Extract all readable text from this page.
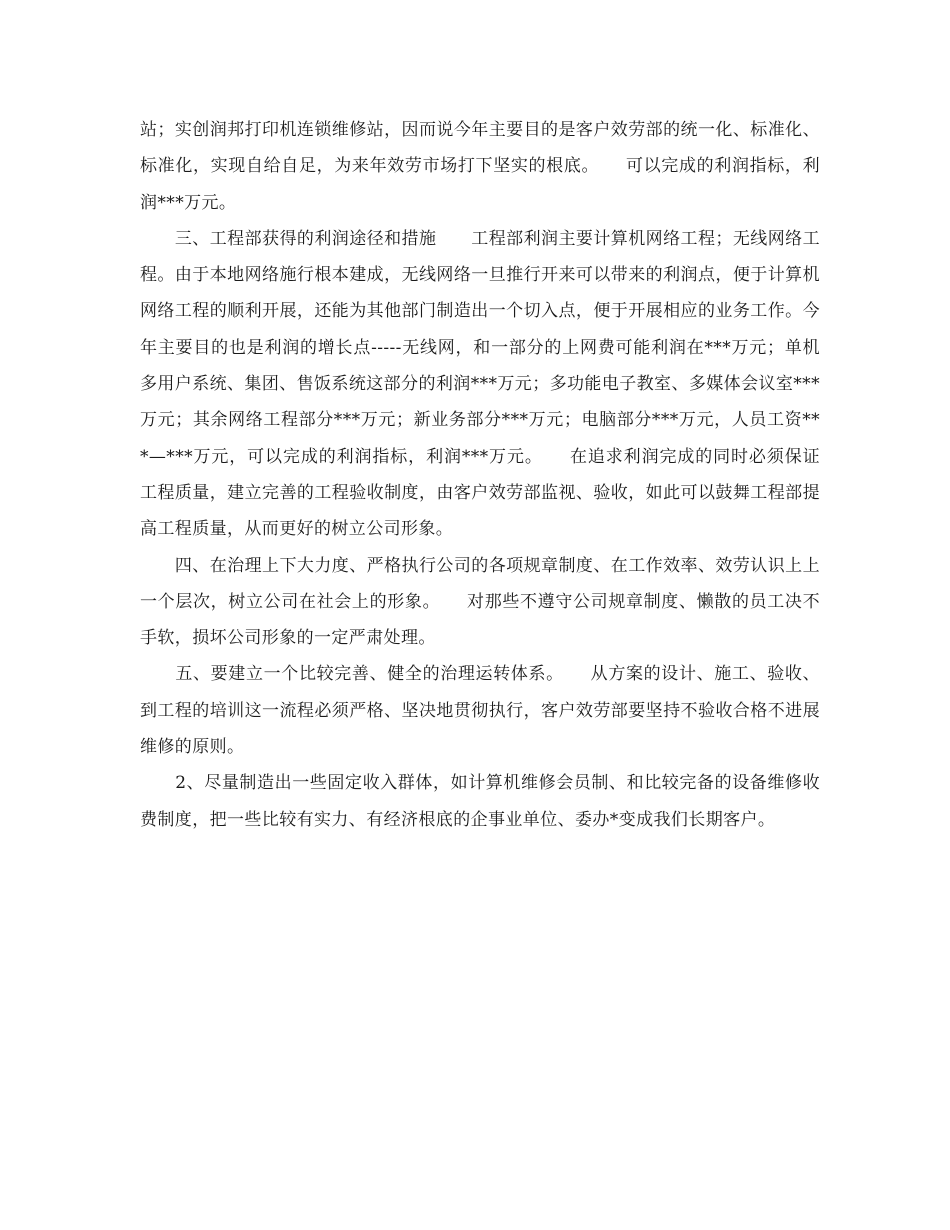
站；实创润邦打印机连锁维修站，因而说今年主要目的是客户效劳部的统一化、标准化、标准化，实现自给自足，为来年效劳市场打下坚实的根底。　　可以完成的利润指标，利润***万元。

　　三、工程部获得的利润途径和措施　　工程部利润主要计算机网络工程；无线网络工程。由于本地网络施行根本建成，无线网络一旦推行开来可以带来的利润点，便于计算机网络工程的顺利开展，还能为其他部门制造出一个切入点，便于开展相应的业务工作。今年主要目的也是利润的增长点-----无线网，和一部分的上网费可能利润在***万元；单机多用户系统、集团、售饭系统这部分的利润***万元；多功能电子教室、多媒体会议室***万元；其余网络工程部分***万元；新业务部分***万元；电脑部分***万元，人员工资***—***万元，可以完成的利润指标，利润***万元。　　在追求利润完成的同时必须保证工程质量，建立完善的工程验收制度，由客户效劳部监视、验收，如此可以鼓舞工程部提高工程质量，从而更好的树立公司形象。

　　四、在治理上下大力度、严格执行公司的各项规章制度、在工作效率、效劳认识上上一个层次，树立公司在社会上的形象。　　对那些不遵守公司规章制度、懒散的员工决不手软，损坏公司形象的一定严肃处理。

　　五、要建立一个比较完善、健全的治理运转体系。　　从方案的设计、施工、验收、到工程的培训这一流程必须严格、坚决地贯彻执行，客户效劳部要坚持不验收合格不进展维修的原则。

　　2、尽量制造出一些固定收入群体，如计算机维修会员制、和比较完备的设备维修收费制度，把一些比较有实力、有经济根底的企事业单位、委办*变成我们长期客户。
